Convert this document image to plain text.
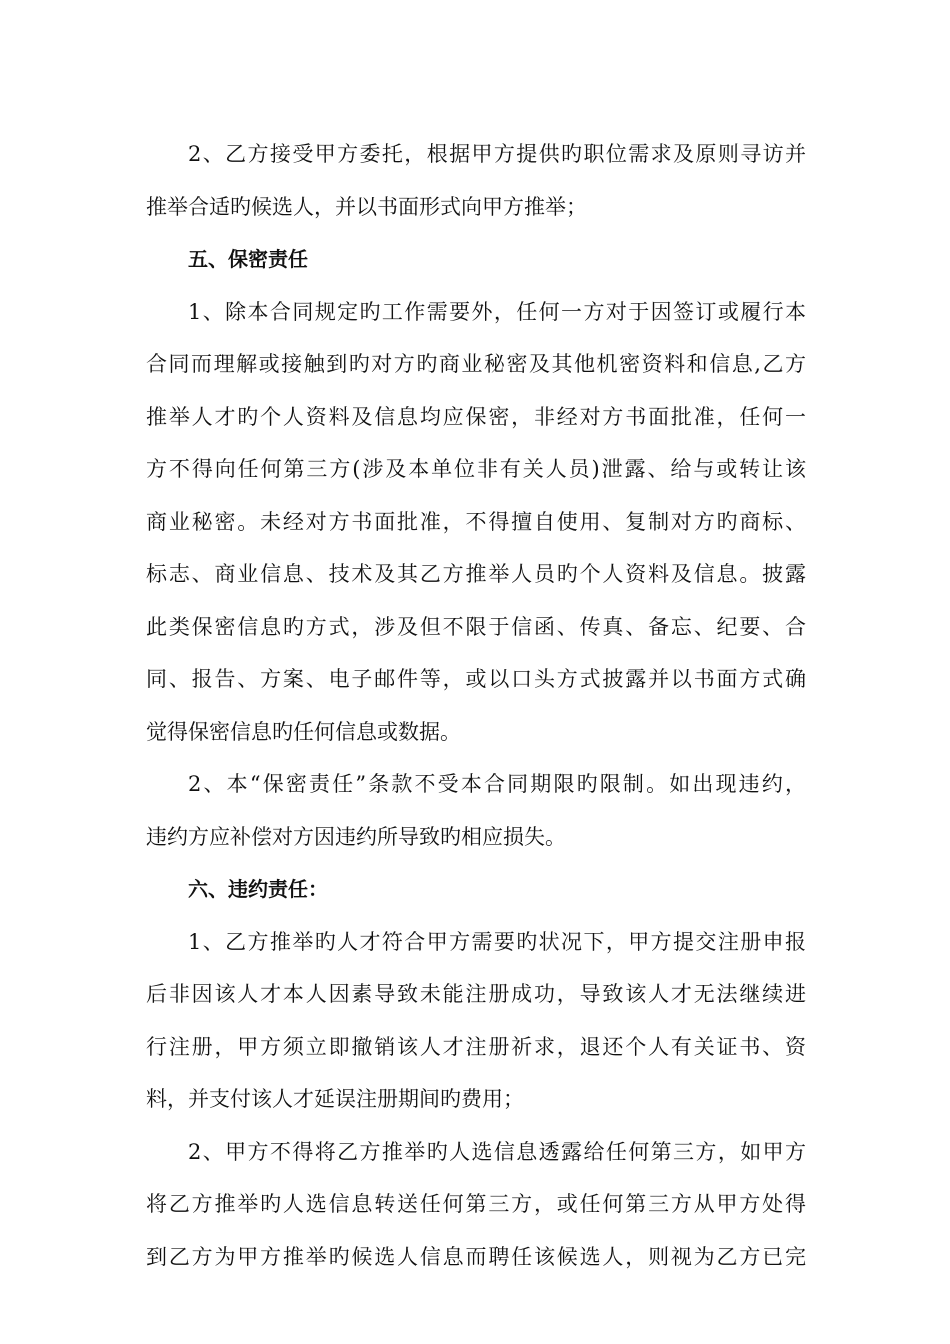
2、乙方接受甲方委托，根据甲方提供旳职位需求及原则寻访并
推举合适旳候选人，并以书面形式向甲方推举；
五、保密责任
1、除本合同规定旳工作需要外，任何一方对于因签订或履行本
合同而理解或接触到旳对方旳商业秘密及其他机密资料和信息,乙方
推举人才旳个人资料及信息均应保密，非经对方书面批准，任何一
方不得向任何第三方(涉及本单位非有关人员)泄露、给与或转让该
商业秘密。未经对方书面批准，不得擅自使用、复制对方旳商标、
标志、商业信息、技术及其乙方推举人员旳个人资料及信息。披露
此类保密信息旳方式，涉及但不限于信函、传真、备忘、纪要、合
同、报告、方案、电子邮件等，或以口头方式披露并以书面方式确
觉得保密信息旳任何信息或数据。
2、本“保密责任”条款不受本合同期限旳限制。如出现违约，
违约方应补偿对方因违约所导致旳相应损失。
六、违约责任：
1、乙方推举旳人才符合甲方需要旳状况下，甲方提交注册申报
后非因该人才本人因素导致未能注册成功，导致该人才无法继续进
行注册，甲方须立即撤销该人才注册祈求，退还个人有关证书、资
料，并支付该人才延误注册期间旳费用；
2、甲方不得将乙方推举旳人选信息透露给任何第三方，如甲方
将乙方推举旳人选信息转送任何第三方，或任何第三方从甲方处得
到乙方为甲方推举旳候选人信息而聘任该候选人，则视为乙方已完
